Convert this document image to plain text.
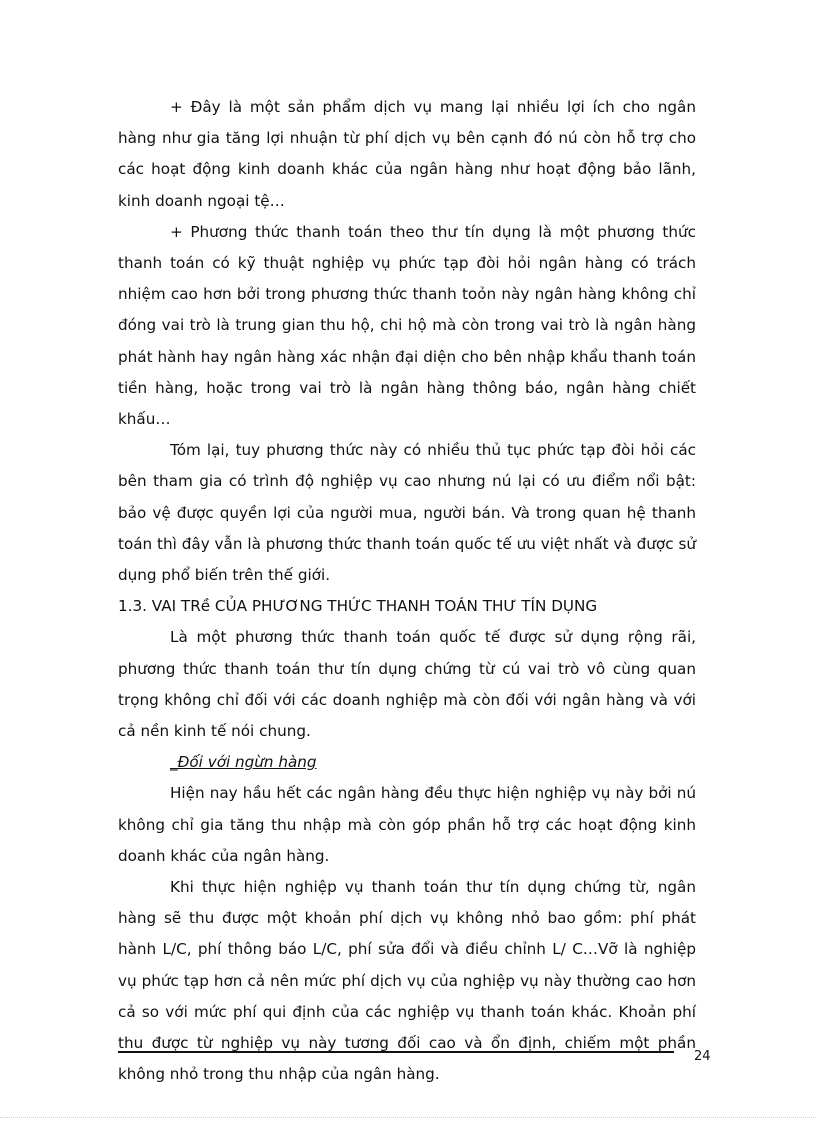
+ Đây là một sản phẩm dịch vụ mang lại nhiều lợi ích cho ngân hàng như gia tăng lợi nhuận từ phí dịch vụ bên cạnh đó nú còn hỗ trợ cho các hoạt động kinh doanh khác của ngân hàng như hoạt động bảo lãnh, kinh doanh ngoại tệ…

+ Phương thức thanh toán theo thư tín dụng là một phương thức thanh toán có kỹ thuật nghiệp vụ phức tạp đòi hỏi ngân hàng có trách nhiệm cao hơn bởi trong phương thức thanh toỏn này ngân hàng không chỉ đóng vai trò là trung gian thu hộ, chi hộ mà còn trong vai trò là ngân hàng phát hành hay ngân hàng xác nhận đại diện cho bên nhập khẩu thanh toán tiền hàng, hoặc trong vai trò là ngân hàng thông báo, ngân hàng chiết khấu…

Tóm lại, tuy phương thức này có nhiều thủ tục phức tạp đòi hỏi các bên tham gia có trình độ nghiệp vụ cao nhưng nú lại có ưu điểm nổi bật: bảo vệ được quyền lợi của người mua, người bán. Và trong quan hệ thanh toán thì đây vẫn là phương thức thanh toán quốc tế ưu việt nhất và được sử dụng phổ biến trên thế giới.

1.3. VAI TRề CỦA PHƯƠNG THỨC THANH TOÁN THƯ TÍN DỤNG

Là một phương thức thanh toán quốc tế được sử dụng rộng rãi, phương thức thanh toán thư tín dụng chứng từ cú vai trò vô cùng quan trọng không chỉ đối với các doanh nghiệp mà còn đối với ngân hàng và với cả nền kinh tế nói chung.

_Đối với ngừn hàng

Hiện nay hầu hết các ngân hàng đều thực hiện nghiệp vụ này bởi nú không chỉ gia tăng thu nhập mà còn góp phần hỗ trợ các hoạt động kinh doanh khác của ngân hàng.

Khi thực hiện nghiệp vụ thanh toán thư tín dụng chứng từ, ngân hàng sẽ thu được một khoản phí dịch vụ không nhỏ bao gồm: phí phát hành L/C, phí thông báo L/C, phí sửa đổi và điều chỉnh L/ C…Vỡ là nghiệp vụ phức tạp hơn cả nên mức phí dịch vụ của nghiệp vụ này thường cao hơn cả so với mức phí qui định của các nghiệp vụ thanh toán khác. Khoản phí thu được từ nghiệp vụ này tương đối cao và ổn định, chiếm một phần không nhỏ trong thu nhập của ngân hàng.

24
